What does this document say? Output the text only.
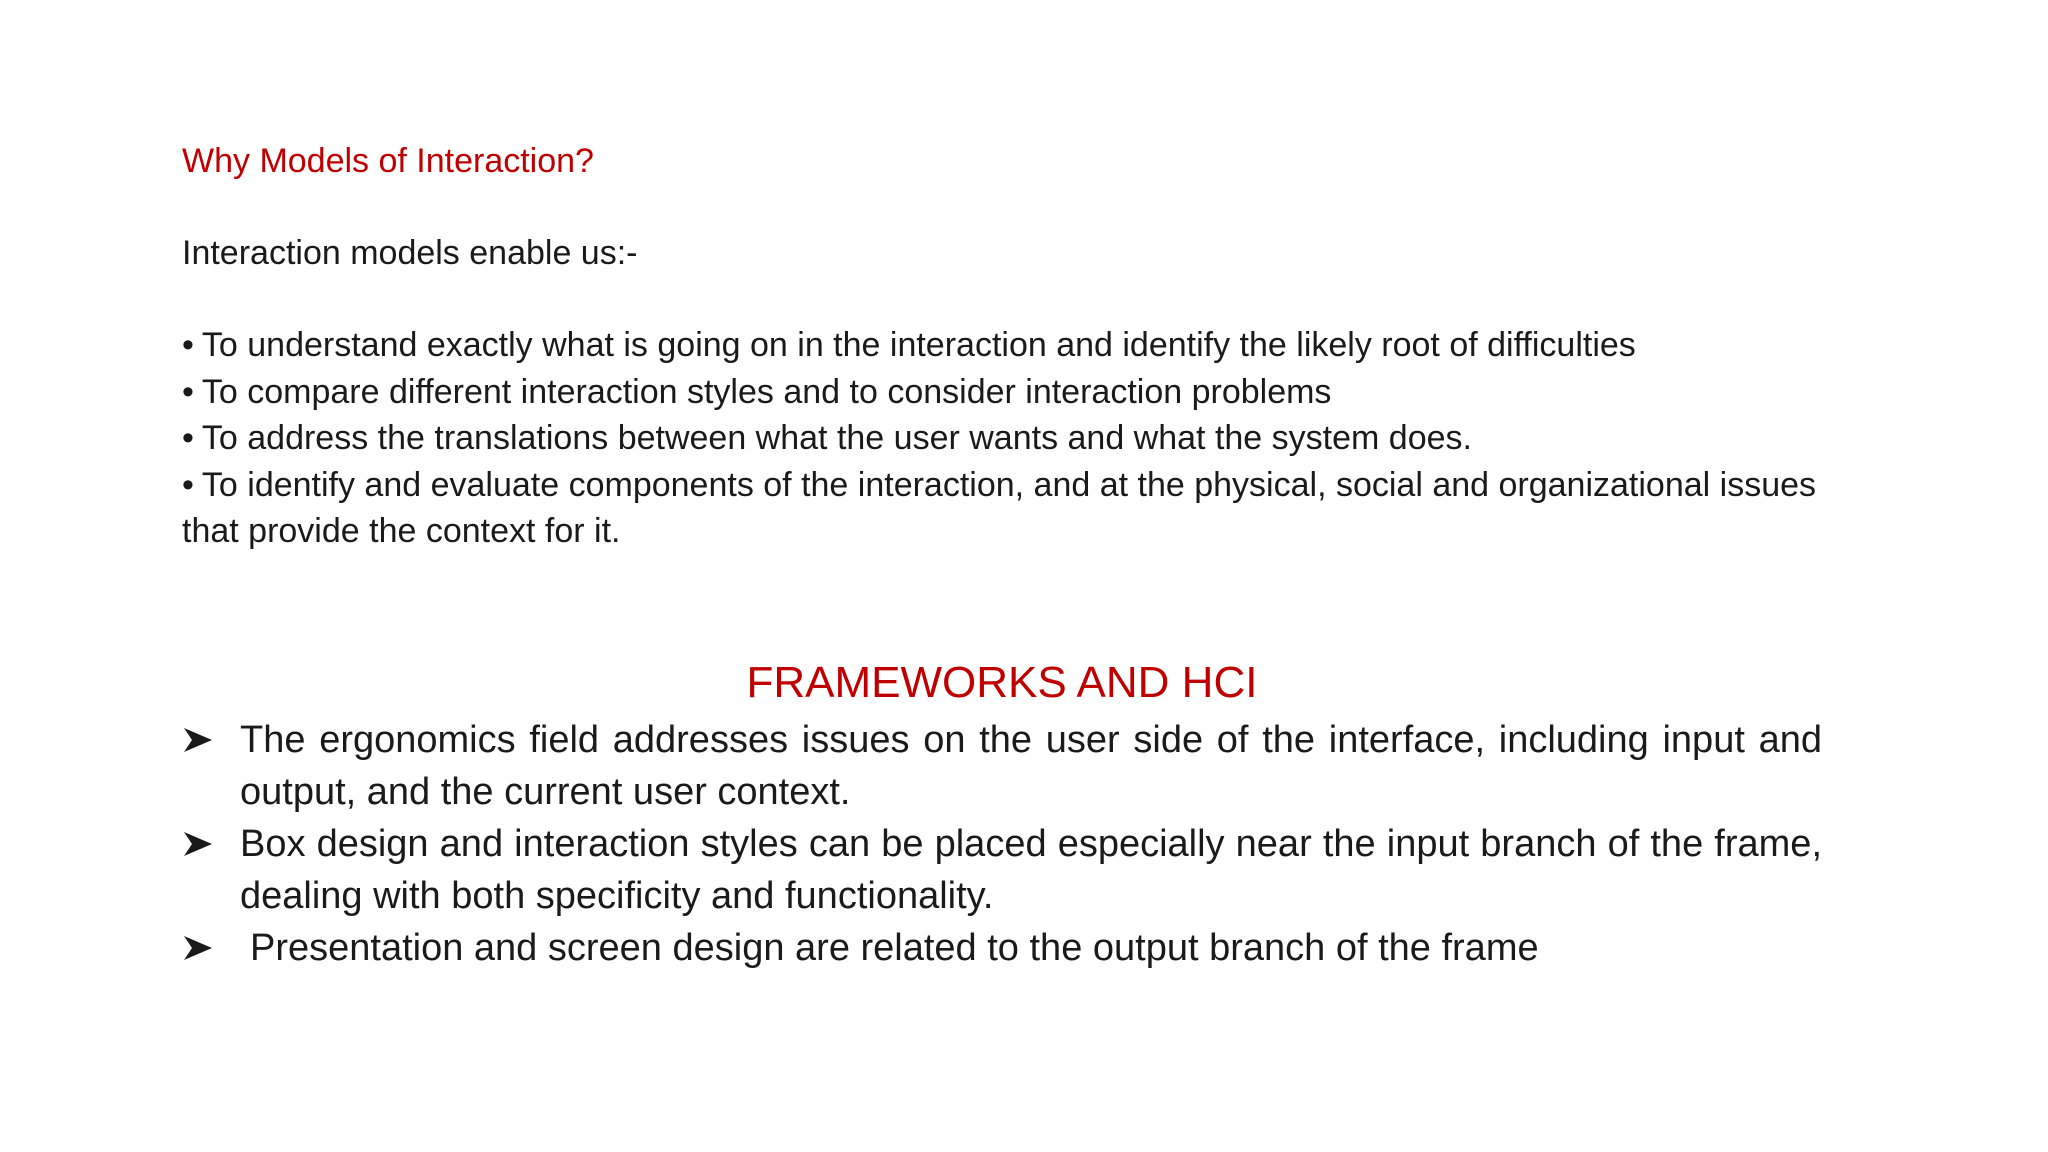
Why Models of Interaction?
Interaction models enable us:-
• To understand exactly what is going on in the interaction and identify the likely root of difficulties
• To compare different interaction styles and to consider interaction problems
• To address the translations between what the user wants and what the system does.
• To identify and evaluate components of the interaction, and at the physical, social and organizational issues that provide the context for it.
FRAMEWORKS AND HCI
The ergonomics field addresses issues on the user side of the interface, including input and output, and the current user context.
Box design and interaction styles can be placed especially near the input branch of the frame, dealing with both specificity and functionality.
Presentation and screen design are related to the output branch of the frame
